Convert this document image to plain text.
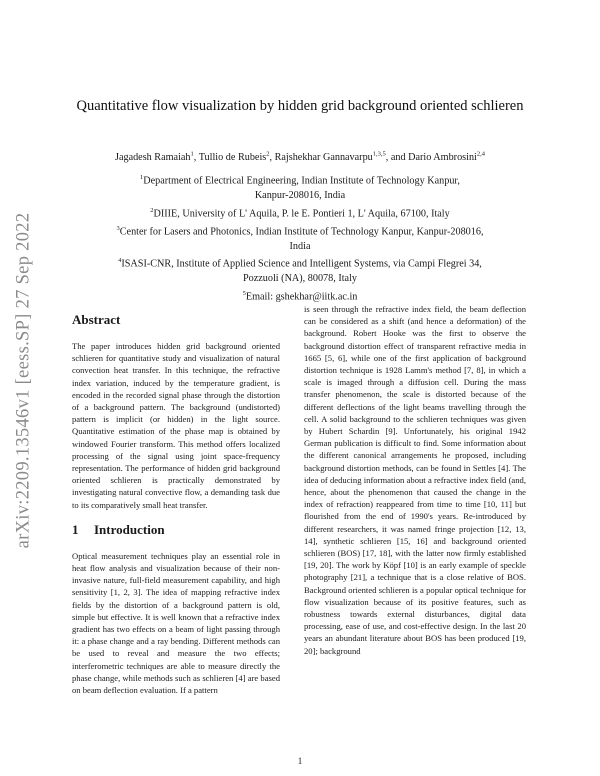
arXiv:2209.13546v1 [eess.SP] 27 Sep 2022
Quantitative flow visualization by hidden grid background oriented schlieren
Jagadesh Ramaiah$^1$, Tullio de Rubeis$^2$, Rajshekhar Gannavarpu$^{1,3,5}$, and Dario Ambrosini$^{2,4}$
$^1$Department of Electrical Engineering, Indian Institute of Technology Kanpur,
Kanpur-208016, India
$^2$DIIIE, University of L' Aquila, P. le E. Pontieri 1, L' Aquila, 67100, Italy
$^3$Center for Lasers and Photonics, Indian Institute of Technology Kanpur, Kanpur-208016,
India
$^4$ISASI-CNR, Institute of Applied Science and Intelligent Systems, via Campi Flegrei 34,
Pozzuoli (NA), 80078, Italy
$^5$Email: gshekhar@iitk.ac.in
Abstract

The paper introduces hidden grid background oriented schlieren for quantitative study and visualization of natural convection heat transfer. In this technique, the refractive index variation, induced by the temperature gradient, is encoded in the recorded signal phase through the distortion of a background pattern. The background (undistorted) pattern is implicit (or hidden) in the light source. Quantitative estimation of the phase map is obtained by windowed Fourier transform. This method offers localized processing of the signal using joint space-frequency representation. The performance of hidden grid background oriented schlieren is practically demonstrated by investigating natural convective flow, a demanding task due to its comparatively small heat transfer.

1 Introduction

Optical measurement techniques play an essential role in heat flow analysis and visualization because of their non-invasive nature, full-field measurement capability, and high sensitivity [1, 2, 3]. The idea of mapping refractive index fields by the distortion of a background pattern is old, simple but effective. It is well known that a refractive index gradient has two effects on a beam of light passing through it: a phase change and a ray bending. Different methods can be used to reveal and measure the two effects; interferometric techniques are able to measure directly the phase change, while methods such as schlieren [4] are based on beam deflection evaluation. If a pattern

is seen through the refractive index field, the beam deflection can be considered as a shift (and hence a deformation) of the background. Robert Hooke was the first to observe the background distortion effect of transparent refractive media in 1665 [5, 6], while one of the first application of background distortion technique is 1928 Lamm's method [7, 8], in which a scale is imaged through a diffusion cell. During the mass transfer phenomenon, the scale is distorted because of the different deflections of the light beams travelling through the cell. A solid background to the schlieren techniques was given by Hubert Schardin [9]. Unfortunately, his original 1942 German publication is difficult to find. Some information about the different canonical arrangements he proposed, including background distortion methods, can be found in Settles [4]. The idea of deducing information about a refractive index field (and, hence, about the phenomenon that caused the change in the index of refraction) reappeared from time to time [10, 11] but flourished from the end of 1990's years. Re-introduced by different researchers, it was named fringe projection [12, 13, 14], synthetic schlieren [15, 16] and background oriented schlieren (BOS) [17, 18], with the latter now firmly established [19, 20]. The work by Köpf [10] is an early example of speckle photography [21], a technique that is a close relative of BOS. Background oriented schlieren is a popular optical technique for flow visualization because of its positive features, such as robustness towards external disturbances, digital data processing, ease of use, and cost-effective design. In the last 20 years an abundant literature about BOS has been produced [19, 20]; background

1
